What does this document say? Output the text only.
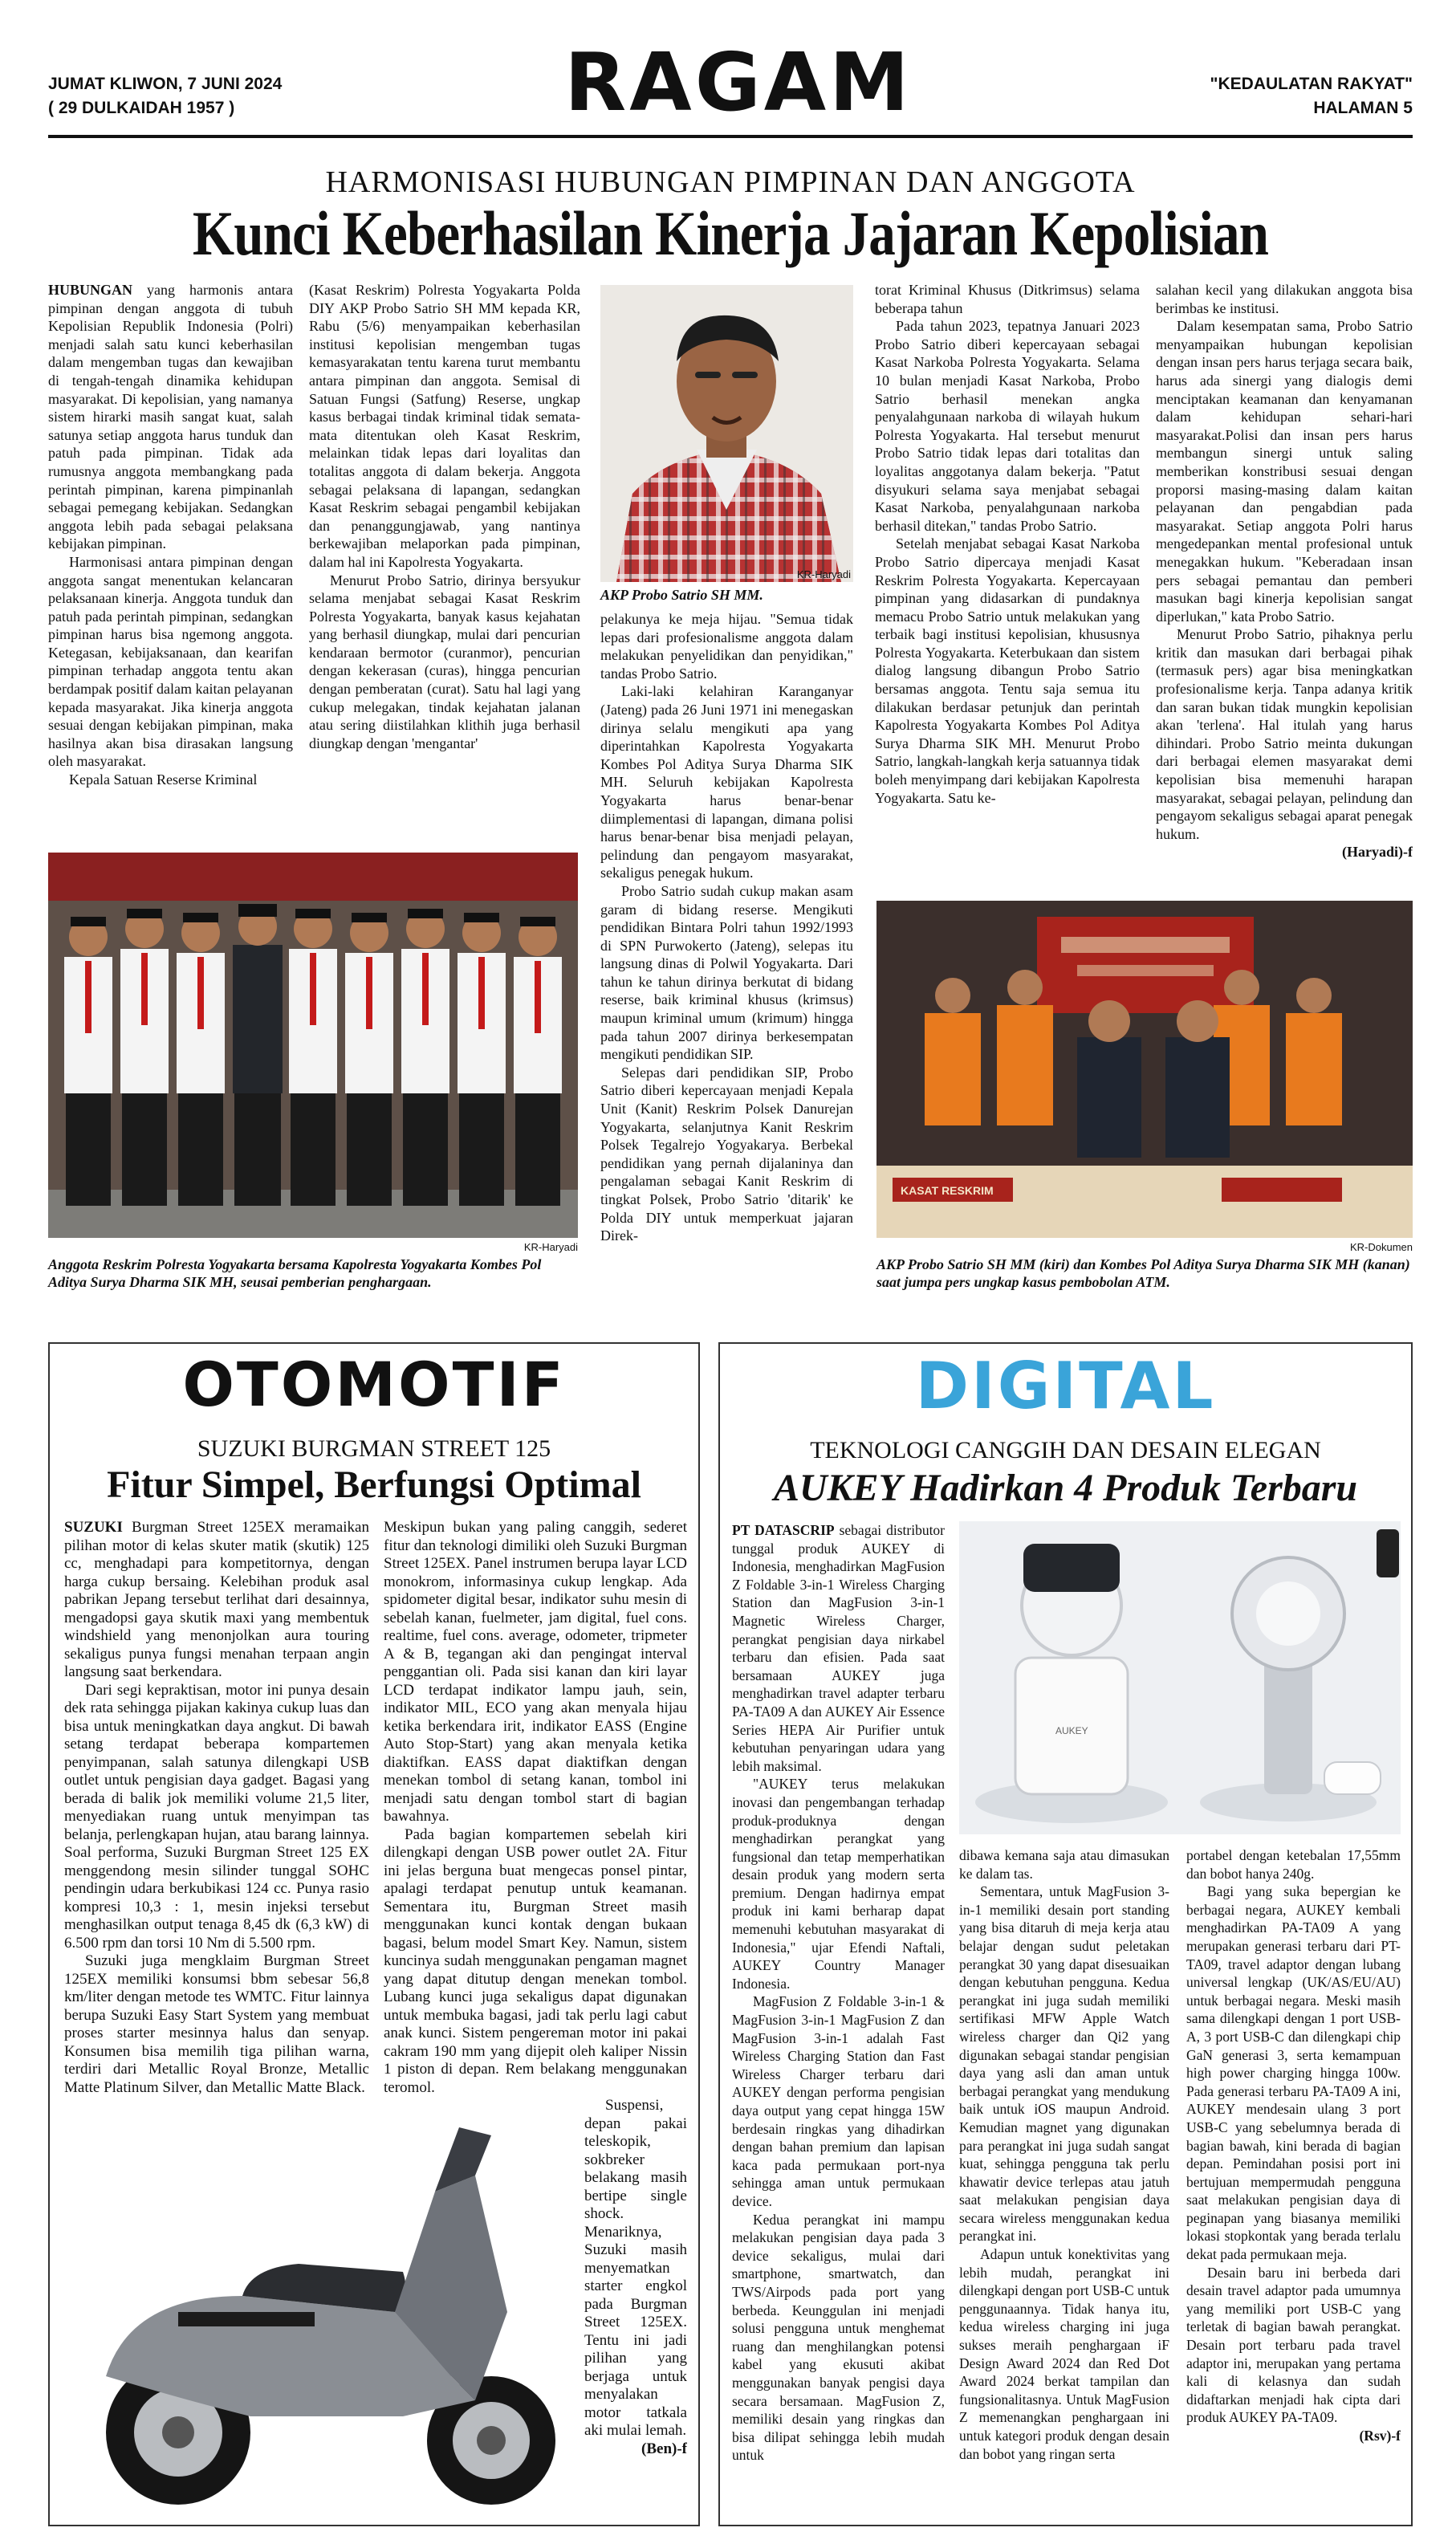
JUMAT KLIWON, 7 JUNI 2024
( 29 DULKAIDAH 1957 )	RAGAM	"KEDAULATAN RAKYAT"
HALAMAN 5
HARMONISASI HUBUNGAN PIMPINAN DAN ANGGOTA
Kunci Keberhasilan Kinerja Jajaran Kepolisian

HUBUNGAN yang harmonis antara pimpinan dengan anggota di tubuh Kepolisian Republik Indonesia (Polri) menjadi salah satu kunci keberhasilan dalam mengemban tugas dan kewajiban di tengah-tengah dinamika kehidupan masyarakat. Di kepolisian, yang namanya sistem hirarki masih sangat kuat, salah satunya setiap anggota harus tunduk dan patuh pada pimpinan. Tidak ada rumusnya anggota membangkang pada perintah pimpinan, karena pimpinanlah sebagai pemegang kebijakan. Sedangkan anggota lebih pada sebagai pelaksana kebijakan pimpinan.

Harmonisasi antara pimpinan dengan anggota sangat menentukan kelancaran pelaksanaan kinerja. Anggota tunduk dan patuh pada perintah pimpinan, sedangkan pimpinan harus bisa ngemong anggota. Ketegasan, kebijaksanaan, dan kearifan pimpinan terhadap anggota tentu akan berdampak positif dalam kaitan pelayanan kepada masyarakat. Jika kinerja anggota sesuai dengan kebijakan pimpinan, maka hasilnya akan bisa dirasakan langsung oleh masyarakat.

Kepala Satuan Reserse Kriminal

(Kasat Reskrim) Polresta Yogyakarta Polda DIY AKP Probo Satrio SH MM kepada KR, Rabu (5/6) menyampaikan keberhasilan institusi kepolisian mengemban tugas kemasyarakatan tentu karena turut membantu antara pimpinan dan anggota. Semisal di Satuan Fungsi (Satfung) Reserse, ungkap kasus berbagai tindak kriminal tidak semata-mata ditentukan oleh Kasat Reskrim, melainkan tidak lepas dari loyalitas dan totalitas anggota di dalam bekerja. Anggota sebagai pelaksana di lapangan, sedangkan Kasat Reskrim sebagai pengambil kebijakan dan penanggungjawab, yang nantinya berkewajiban melaporkan pada pimpinan, dalam hal ini Kapolresta Yogyakarta.

Menurut Probo Satrio, dirinya bersyukur selama menjabat sebagai Kasat Reskrim Polresta Yogyakarta, banyak kasus kejahatan yang berhasil diungkap, mulai dari pencurian kendaraan bermotor (curanmor), pencurian dengan kekerasan (curas), hingga pencurian dengan pemberatan (curat). Satu hal lagi yang cukup melegakan, tindak kejahatan jalanan atau sering diistilahkan klithih juga berhasil diungkap dengan 'mengantar'

KR-Haryadi
AKP Probo Satrio SH MM.

pelakunya ke meja hijau. "Semua tidak lepas dari profesionalisme anggota dalam melakukan penyelidikan dan penyidikan," tandas Probo Satrio.

Laki-laki kelahiran Karanganyar (Jateng) pada 26 Juni 1971 ini menegaskan dirinya selalu mengikuti apa yang diperintahkan Kapolresta Yogyakarta Kombes Pol Aditya Surya Dharma SIK MH. Seluruh kebijakan Kapolresta Yogyakarta harus benar-benar diimplementasi di lapangan, dimana polisi harus benar-benar bisa menjadi pelayan, pelindung dan pengayom masyarakat, sekaligus penegak hukum.

Probo Satrio sudah cukup makan asam garam di bidang reserse. Mengikuti pendidikan Bintara Polri tahun 1992/1993 di SPN Purwokerto (Jateng), selepas itu langsung dinas di Polwil Yogyakarta. Dari tahun ke tahun dirinya berkutat di bidang reserse, baik kriminal khusus (krimsus) maupun kriminal umum (krimum) hingga pada tahun 2007 dirinya berkesempatan mengikuti pendidikan SIP.

Selepas dari pendidikan SIP, Probo Satrio diberi kepercayaan menjadi Kepala Unit (Kanit) Reskrim Polsek Danurejan Yogyakarta, selanjutnya Kanit Reskrim Polsek Tegalrejo Yogyakarya. Berbekal pendidikan yang pernah dijalaninya dan pengalaman sebagai Kanit Reskrim di tingkat Polsek, Probo Satrio 'ditarik' ke Polda DIY untuk memperkuat jajaran Direk-

torat Kriminal Khusus (Ditkrimsus) selama beberapa tahun

Pada tahun 2023, tepatnya Januari 2023 Probo Satrio diberi kepercayaan sebagai Kasat Narkoba Polresta Yogyakarta. Selama 10 bulan menjadi Kasat Narkoba, Probo Satrio berhasil menekan angka penyalahgunaan narkoba di wilayah hukum Polresta Yogyakarta. Hal tersebut menurut Probo Satrio tidak lepas dari totalitas dan loyalitas anggotanya dalam bekerja. "Patut disyukuri selama saya menjabat sebagai Kasat Narkoba, penyalahgunaan narkoba berhasil ditekan," tandas Probo Satrio.

Setelah menjabat sebagai Kasat Narkoba Probo Satrio dipercaya menjadi Kasat Reskrim Polresta Yogyakarta. Kepercayaan pimpinan yang didasarkan di pundaknya memacu Probo Satrio untuk melakukan yang terbaik bagi institusi kepolisian, khususnya Polresta Yogyakarta. Keterbukaan dan sistem dialog langsung dibangun Probo Satrio bersamas anggota. Tentu saja semua itu dilakukan berdasar petunjuk dan perintah Kapolresta Yogyakarta Kombes Pol Aditya Surya Dharma SIK MH. Menurut Probo Satrio, langkah-langkah kerja satuannya tidak boleh menyimpang dari kebijakan Kapolresta Yogyakarta. Satu ke-

salahan kecil yang dilakukan anggota bisa berimbas ke institusi.

Dalam kesempatan sama, Probo Satrio menyampaikan hubungan kepolisian dengan insan pers harus terjaga secara baik, harus ada sinergi yang dialogis demi menciptakan keamanan dan kenyamanan dalam kehidupan sehari-hari masyarakat.Polisi dan insan pers harus membangun sinergi untuk saling memberikan konstribusi sesuai dengan proporsi masing-masing dalam kaitan pelayanan dan pengabdian pada masyarakat. Setiap anggota Polri harus mengedepankan mental profesional untuk menegakkan hukum. "Keberadaan insan pers sebagai pemantau dan pemberi masukan bagi kinerja kepolisian sangat diperlukan," kata Probo Satrio.

Menurut Probo Satrio, pihaknya perlu kritik dan masukan dari berbagai pihak (termasuk pers) agar bisa meningkatkan profesionalisme kerja. Tanpa adanya kritik dan saran bukan tidak mungkin kepolisian akan 'terlena'. Hal itulah yang harus dihindari. Probo Satrio meinta dukungan dari berbagai elemen masyarakat demi kepolisian bisa memenuhi harapan masyarakat, sebagai pelayan, pelindung dan pengayom sekaligus sebagai aparat penegak hukum.

(Haryadi)-f

KR-Haryadi
Anggota Reskrim Polresta Yogyakarta bersama Kapolresta Yogyakarta Kombes Pol Aditya Surya Dharma SIK MH, seusai pemberian penghargaan.
KASAT RESKRIM
KR-Dokumen
AKP Probo Satrio SH MM (kiri) dan Kombes Pol Aditya Surya Dharma SIK MH (kanan) saat jumpa pers ungkap kasus pembobolan ATM.
OTOMOTIF
SUZUKI BURGMAN STREET 125
Fitur Simpel, Berfungsi Optimal

SUZUKI Burgman Street 125EX meramaikan pilihan motor di kelas skuter matik (skutik) 125 cc, menghadapi para kompetitornya, dengan harga cukup bersaing. Kelebihan produk asal pabrikan Jepang tersebut terlihat dari desainnya, mengadopsi gaya skutik maxi yang membentuk windshield yang menonjolkan aura touring sekaligus punya fungsi menahan terpaan angin langsung saat berkendara.

Dari segi kepraktisan, motor ini punya desain dek rata sehingga pijakan kakinya cukup luas dan bisa untuk meningkatkan daya angkut. Di bawah setang terdapat beberapa kompartemen penyimpanan, salah satunya dilengkapi USB outlet untuk pengisian daya gadget. Bagasi yang berada di balik jok memiliki volume 21,5 liter, menyediakan ruang untuk menyimpan tas belanja, perlengkapan hujan, atau barang lainnya. Soal performa, Suzuki Burgman Street 125 EX menggendong mesin silinder tunggal SOHC pendingin udara berkubikasi 124 cc. Punya rasio kompresi 10,3 : 1, mesin injeksi tersebut menghasilkan output tenaga 8,45 dk (6,3 kW) di 6.500 rpm dan torsi 10 Nm di 5.500 rpm.

Suzuki juga mengklaim Burgman Street 125EX memiliki konsumsi bbm sebesar 56,8 km/liter dengan metode tes WMTC. Fitur lainnya berupa Suzuki Easy Start System yang membuat proses starter mesinnya halus dan senyap. Konsumen bisa memilih tiga pilihan warna, terdiri dari Metallic Royal Bronze, Metallic Matte Platinum Silver, dan Metallic Matte Black.

Meskipun bukan yang paling canggih, sederet fitur dan teknologi dimiliki oleh Suzuki Burgman Street 125EX. Panel instrumen berupa layar LCD monokrom, informasinya cukup lengkap. Ada spidometer digital besar, indikator suhu mesin di sebelah kanan, fuelmeter, jam digital, fuel cons. realtime, fuel cons. average, odometer, tripmeter A & B, tegangan aki dan pengingat interval penggantian oli. Pada sisi kanan dan kiri layar LCD terdapat indikator lampu jauh, sein, indikator MIL, ECO yang akan menyala hijau ketika berkendara irit, indikator EASS (Engine Auto Stop-Start) yang akan menyala ketika diaktifkan. EASS dapat diaktifkan dengan menekan tombol di setang kanan, tombol ini menjadi satu dengan tombol start di bagian bawahnya.

Pada bagian kompartemen sebelah kiri dilengkapi dengan USB power outlet 2A. Fitur ini jelas berguna buat mengecas ponsel pintar, apalagi terdapat penutup untuk keamanan. Sementara itu, Burgman Street masih menggunakan kunci kontak dengan bukaan bagasi, belum model Smart Key. Namun, sistem kuncinya sudah menggunakan pengaman magnet yang dapat ditutup dengan menekan tombol. Lubang kunci juga sekaligus dapat digunakan untuk membuka bagasi, jadi tak perlu lagi cabut anak kunci. Sistem pengereman motor ini pakai cakram 190 mm yang dijepit oleh kaliper Nissin 1 piston di depan. Rem belakang menggunakan teromol.

Suspensi, depan pakai teleskopik, sokbreker belakang masih bertipe single shock. Menariknya, Suzuki masih menyematkan starter engkol pada Burgman Street 125EX. Tentu ini jadi pilihan yang berjaga untuk menyalakan motor tatkala aki mulai lemah.

(Ben)-f

DIGITAL
TEKNOLOGI CANGGIH DAN DESAIN ELEGAN
AUKEY Hadirkan 4 Produk Terbaru

PT DATASCRIP sebagai distributor tunggal produk AUKEY di Indonesia, menghadirkan MagFusion Z Foldable 3-in-1 Wireless Charging Station dan MagFusion 3-in-1 Magnetic Wireless Charger, perangkat pengisian daya nirkabel terbaru dan efisien. Pada saat bersamaan AUKEY juga menghadirkan travel adapter terbaru PA-TA09 A dan AUKEY Air Essence Series HEPA Air Purifier untuk kebutuhan penyaringan udara yang lebih maksimal.

"AUKEY terus melakukan inovasi dan pengembangan terhadap produk-produknya dengan menghadirkan perangkat yang fungsional dan tetap memperhatikan desain produk yang modern serta premium. Dengan hadirnya empat produk ini kami berharap dapat memenuhi kebutuhan masyarakat di Indonesia," ujar Efendi Naftali, AUKEY Country Manager Indonesia.

MagFusion Z Foldable 3-in-1 & MagFusion 3-in-1 MagFusion Z dan MagFusion 3-in-1 adalah Fast Wireless Charging Station dan Fast Wireless Charger terbaru dari AUKEY dengan performa pengisian daya output yang cepat hingga 15W berdesain ringkas yang dihadirkan dengan bahan premium dan lapisan kaca pada permukaan port-nya sehingga aman untuk permukaan device.

Kedua perangkat ini mampu melakukan pengisian daya pada 3 device sekaligus, mulai dari smartphone, smartwatch, dan TWS/Airpods pada port yang berbeda. Keunggulan ini menjadi solusi pengguna untuk menghemat ruang dan menghilangkan potensi kabel yang ekusuti akibat menggunakan banyak pengisi daya secara bersamaan. MagFusion Z, memiliki desain yang ringkas dan bisa dilipat sehingga lebih mudah untuk

AUKEY

dibawa kemana saja atau dimasukan ke dalam tas.

Sementara, untuk MagFusion 3-in-1 memiliki desain port standing yang bisa ditaruh di meja kerja atau belajar dengan sudut peletakan perangkat 30 yang dapat disesuaikan dengan kebutuhan pengguna. Kedua perangkat ini juga sudah memiliki sertifikasi MFW Apple Watch wireless charger dan Qi2 yang digunakan sebagai standar pengisian daya yang asli dan aman untuk berbagai perangkat yang mendukung baik untuk iOS maupun Android. Kemudian magnet yang digunakan para perangkat ini juga sudah sangat kuat, sehingga pengguna tak perlu khawatir device terlepas atau jatuh saat melakukan pengisian daya secara wireless menggunakan kedua perangkat ini.

Adapun untuk konektivitas yang lebih mudah, perangkat ini dilengkapi dengan port USB-C untuk penggunaannya. Tidak hanya itu, kedua wireless charging ini juga sukses meraih penghargaan iF Design Award 2024 dan Red Dot Award 2024 berkat tampilan dan fungsionalitasnya. Untuk MagFusion Z memenangkan penghargaan ini untuk kategori produk dengan desain dan bobot yang ringan serta

portabel dengan ketebalan 17,55mm dan bobot hanya 240g.

Bagi yang suka bepergian ke berbagai negara, AUKEY kembali menghadirkan PA-TA09 A yang merupakan generasi terbaru dari PT-TA09, travel adaptor dengan lubang universal lengkap (UK/AS/EU/AU) untuk berbagai negara. Meski masih sama dilengkapi dengan 1 port USB-A, 3 port USB-C dan dilengkapi chip GaN generasi 3, serta kemampuan high power charging hingga 100w. Pada generasi terbaru PA-TA09 A ini, AUKEY mendesain ulang 3 port USB-C yang sebelumnya berada di bagian bawah, kini berada di bagian depan. Pemindahan posisi port ini bertujuan mempermudah pengguna saat melakukan pengisian daya di peginapan yang biasanya memiliki lokasi stopkontak yang berada terlalu dekat pada permukaan meja.

Desain baru ini berbeda dari desain travel adaptor pada umumnya yang memiliki port USB-C yang terletak di bagian bawah perangkat. Desain port terbaru pada travel adaptor ini, merupakan yang pertama kali di kelasnya dan sudah didaftarkan menjadi hak cipta dari produk AUKEY PA-TA09.

(Rsv)-f
